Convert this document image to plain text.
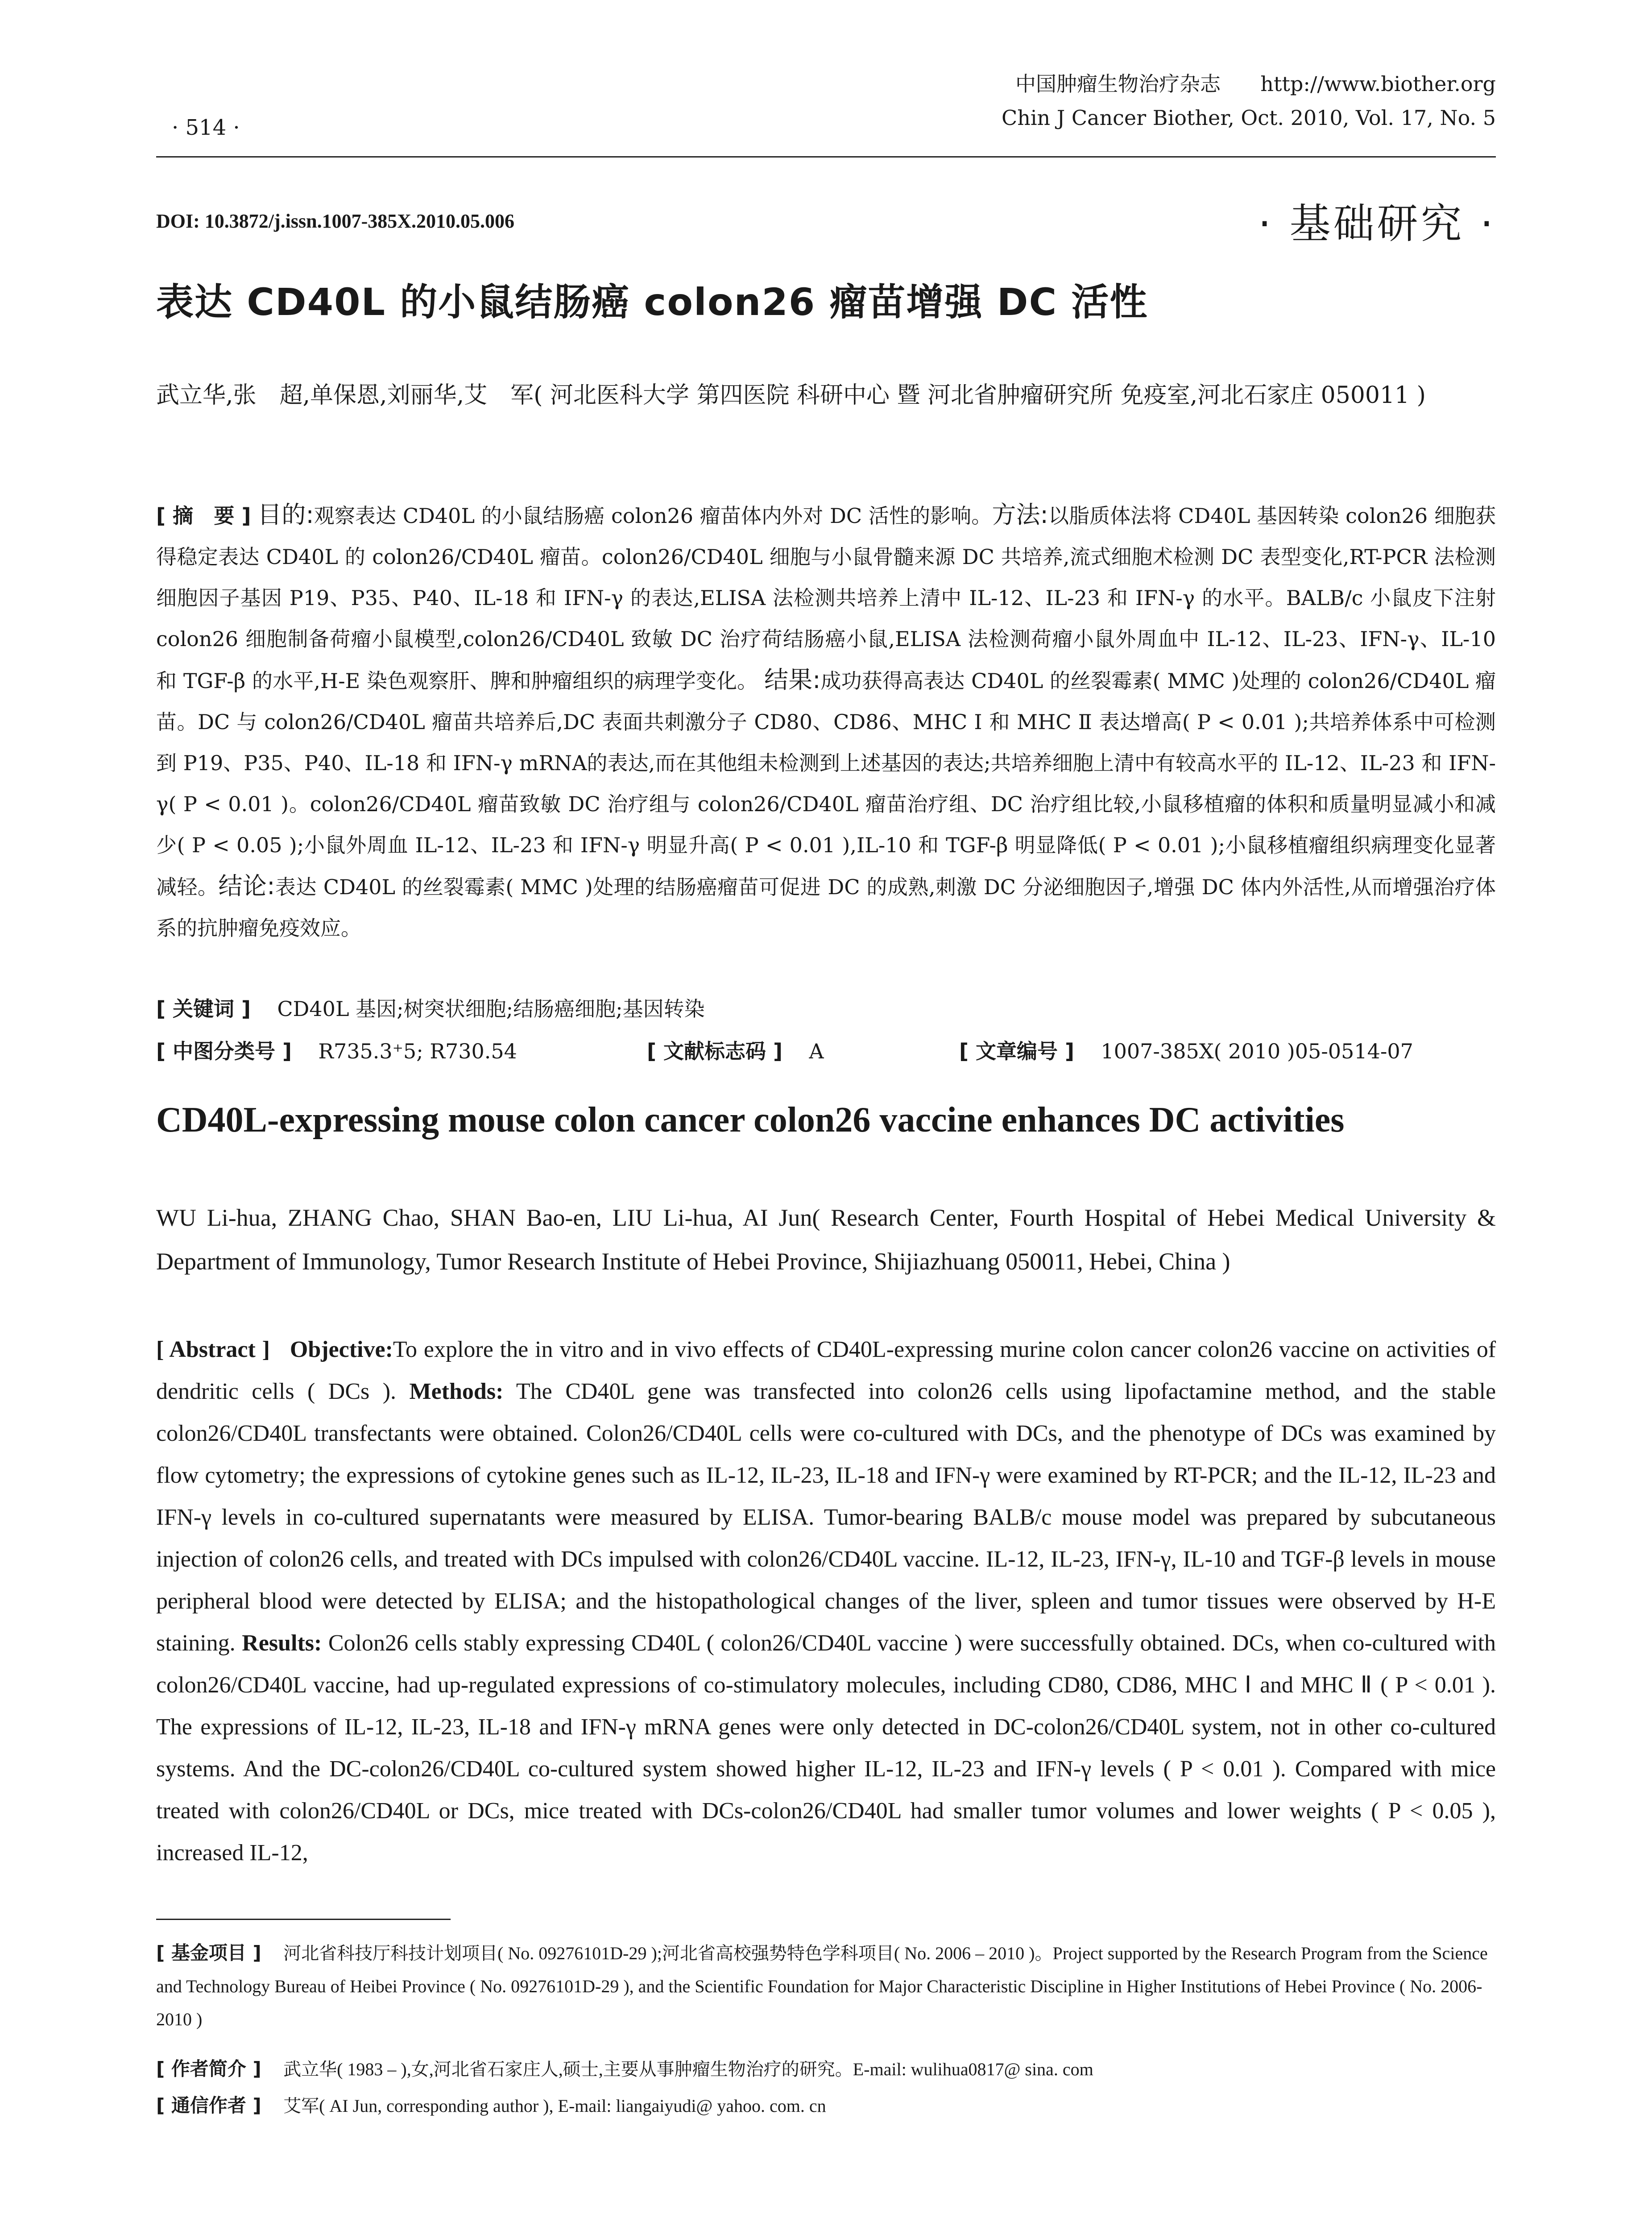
中国肿瘤生物治疗杂志 http://www.biother.org
Chin J Cancer Biother, Oct. 2010, Vol. 17, No. 5
· 514 ·
DOI: 10.3872/j.issn.1007-385X.2010.05.006	· 基础研究 ·
表达 CD40L 的小鼠结肠癌 colon26 瘤苗增强 DC 活性
武立华,张　超,单保恩,刘丽华,艾　军( 河北医科大学 第四医院 科研中心 暨 河北省肿瘤研究所 免疫室,河北石家庄 050011 )
[ 摘　要 ] 目的:观察表达 CD40L 的小鼠结肠癌 colon26 瘤苗体内外对 DC 活性的影响。方法:以脂质体法将 CD40L 基因转染 colon26 细胞获得稳定表达 CD40L 的 colon26/CD40L 瘤苗。colon26/CD40L 细胞与小鼠骨髓来源 DC 共培养,流式细胞术检测 DC 表型变化,RT-PCR 法检测细胞因子基因 P19、P35、P40、IL-18 和 IFN-γ 的表达,ELISA 法检测共培养上清中 IL-12、IL-23 和 IFN-γ 的水平。BALB/c 小鼠皮下注射 colon26 细胞制备荷瘤小鼠模型,colon26/CD40L 致敏 DC 治疗荷结肠癌小鼠,ELISA 法检测荷瘤小鼠外周血中 IL-12、IL-23、IFN-γ、IL-10 和 TGF-β 的水平,H-E 染色观察肝、脾和肿瘤组织的病理学变化。 结果:成功获得高表达 CD40L 的丝裂霉素( MMC )处理的 colon26/CD40L 瘤苗。DC 与 colon26/CD40L 瘤苗共培养后,DC 表面共刺激分子 CD80、CD86、MHC Ⅰ 和 MHC Ⅱ 表达增高( P < 0.01 );共培养体系中可检测到 P19、P35、P40、IL-18 和 IFN-γ mRNA的表达,而在其他组未检测到上述基因的表达;共培养细胞上清中有较高水平的 IL-12、IL-23 和 IFN-γ( P < 0.01 )。colon26/CD40L 瘤苗致敏 DC 治疗组与 colon26/CD40L 瘤苗治疗组、DC 治疗组比较,小鼠移植瘤的体积和质量明显减小和减少( P < 0.05 );小鼠外周血 IL-12、IL-23 和 IFN-γ 明显升高( P < 0.01 ),IL-10 和 TGF-β 明显降低( P < 0.01 );小鼠移植瘤组织病理变化显著减轻。结论:表达 CD40L 的丝裂霉素( MMC )处理的结肠癌瘤苗可促进 DC 的成熟,刺激 DC 分泌细胞因子,增强 DC 体内外活性,从而增强治疗体系的抗肿瘤免疫效应。
[ 关键词 ] CD40L 基因;树突状细胞;结肠癌细胞;基因转染
[ 中图分类号 ] R735.3⁺5; R730.54	[ 文献标志码 ] A	[ 文章编号 ] 1007-385X( 2010 )05-0514-07
CD40L-expressing mouse colon cancer colon26 vaccine enhances DC activities
WU Li-hua, ZHANG Chao, SHAN Bao-en, LIU Li-hua, AI Jun( Research Center, Fourth Hospital of Hebei Medical University & Department of Immunology, Tumor Research Institute of Hebei Province, Shijiazhuang 050011, Hebei, China )
[ Abstract ] Objective:To explore the in vitro and in vivo effects of CD40L-expressing murine colon cancer colon26 vaccine on activities of dendritic cells ( DCs ). Methods: The CD40L gene was transfected into colon26 cells using lipofactamine method, and the stable colon26/CD40L transfectants were obtained. Colon26/CD40L cells were co-cultured with DCs, and the phenotype of DCs was examined by flow cytometry; the expressions of cytokine genes such as IL-12, IL-23, IL-18 and IFN-γ were examined by RT-PCR; and the IL-12, IL-23 and IFN-γ levels in co-cultured supernatants were measured by ELISA. Tumor-bearing BALB/c mouse model was prepared by subcutaneous injection of colon26 cells, and treated with DCs impulsed with colon26/CD40L vaccine. IL-12, IL-23, IFN-γ, IL-10 and TGF-β levels in mouse peripheral blood were detected by ELISA; and the histopathological changes of the liver, spleen and tumor tissues were observed by H-E staining. Results: Colon26 cells stably expressing CD40L ( colon26/CD40L vaccine ) were successfully obtained. DCs, when co-cultured with colon26/CD40L vaccine, had up-regulated expressions of co-stimulatory molecules, including CD80, CD86, MHC Ⅰ and MHC Ⅱ ( P < 0.01 ). The expressions of IL-12, IL-23, IL-18 and IFN-γ mRNA genes were only detected in DC-colon26/CD40L system, not in other co-cultured systems. And the DC-colon26/CD40L co-cultured system showed higher IL-12, IL-23 and IFN-γ levels ( P < 0.01 ). Compared with mice treated with colon26/CD40L or DCs, mice treated with DCs-colon26/CD40L had smaller tumor volumes and lower weights ( P < 0.05 ), increased IL-12,
[ 基金项目 ] 河北省科技厅科技计划项目( No. 09276101D-29 );河北省高校强势特色学科项目( No. 2006 – 2010 )。Project supported by the Research Program from the Science and Technology Bureau of Heibei Province ( No. 09276101D-29 ), and the Scientific Foundation for Major Characteristic Discipline in Higher Institutions of Hebei Province ( No. 2006-2010 )
[ 作者简介 ] 武立华( 1983 – ),女,河北省石家庄人,硕士,主要从事肿瘤生物治疗的研究。E-mail: wulihua0817@ sina. com
[ 通信作者 ] 艾军( AI Jun, corresponding author ), E-mail: liangaiyudi@ yahoo. com. cn
